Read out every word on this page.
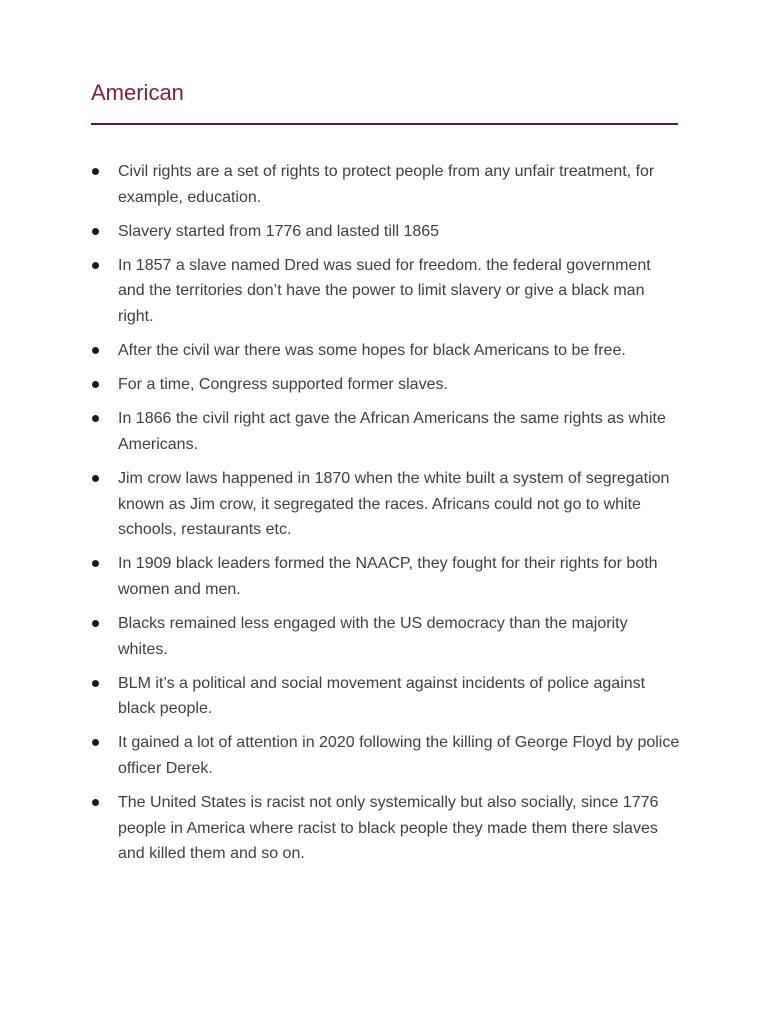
American
Civil rights are a set of rights to protect people from any unfair treatment, for example, education.
Slavery started from 1776 and lasted till 1865
In 1857 a slave named Dred was sued for freedom. the federal government and the territories don’t have the power to limit slavery or give a black man right.
After the civil war there was some hopes for black Americans to be free.
For a time, Congress supported former slaves.
In 1866 the civil right act gave the African Americans the same rights as white Americans.
Jim crow laws happened in 1870 when the white built a system of segregation known as Jim crow, it segregated the races. Africans could not go to white schools, restaurants etc.
In 1909 black leaders formed the NAACP, they fought for their rights for both women and men.
Blacks remained less engaged with the US democracy than the majority whites.
BLM it’s a political and social movement against incidents of police against black people.
It gained a lot of attention in 2020 following the killing of George Floyd by police officer Derek.
The United States is racist not only systemically but also socially, since 1776 people in America where racist to black people they made them there slaves and killed them and so on.
